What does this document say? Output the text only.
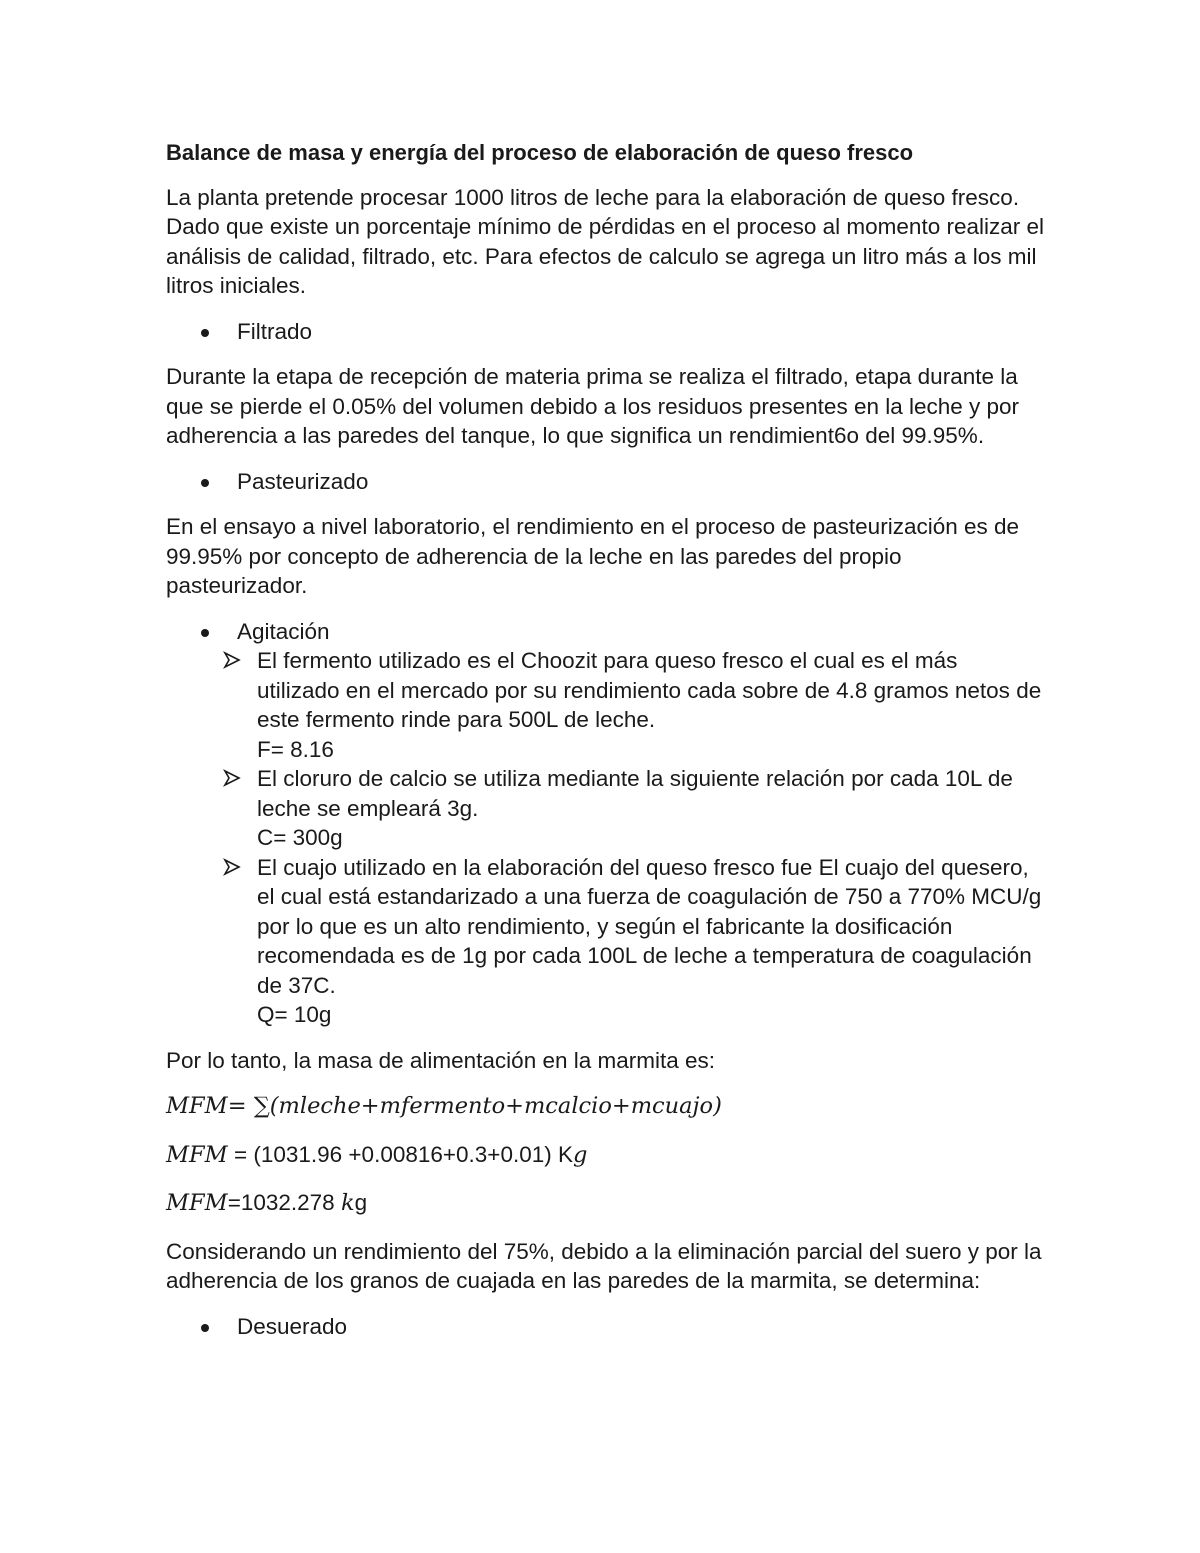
Balance de masa y energía del proceso de elaboración de queso fresco

La planta pretende procesar 1000 litros de leche para la elaboración de queso fresco. Dado que existe un porcentaje mínimo de pérdidas en el proceso al momento realizar el análisis de calidad, filtrado, etc. Para efectos de calculo se agrega un litro más a los mil litros iniciales.

Filtrado

Durante la etapa de recepción de materia prima se realiza el filtrado, etapa durante la que se pierde el 0.05% del volumen debido a los residuos presentes en la leche y por adherencia a las paredes del tanque, lo que significa un rendimient6o del 99.95%.

Pasteurizado

En el ensayo a nivel laboratorio, el rendimiento en el proceso de pasteurización es de 99.95% por concepto de adherencia de la leche en las paredes del propio pasteurizador.

Agitación
El fermento utilizado es el Choozit para queso fresco el cual es el más utilizado en el mercado por su rendimiento cada sobre de 4.8 gramos netos de este fermento rinde para 500L de leche.
F= 8.16
El cloruro de calcio se utiliza mediante la siguiente relación por cada 10L de leche se empleará 3g.
C= 300g
El cuajo utilizado en la elaboración del queso fresco fue El cuajo del quesero, el cual está estandarizado a una fuerza de coagulación de 750 a 770% MCU/g por lo que es un alto rendimiento, y según el fabricante la dosificación recomendada es de 1g por cada 100L de leche a temperatura de coagulación de 37C.
Q= 10g

Por lo tanto, la masa de alimentación en la marmita es:

MFM= ∑(mleche+mfermento+mcalcio+mcuajo)

MFM = (1031.96 +0.00816+0.3+0.01) Kg

MFM=1032.278 kg

Considerando un rendimiento del 75%, debido a la eliminación parcial del suero y por la adherencia de los granos de cuajada en las paredes de la marmita, se determina:

Desuerado
